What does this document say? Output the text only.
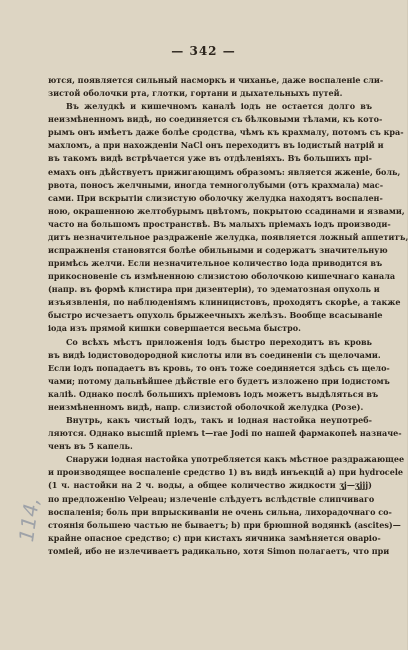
— 342 —
ются, появляется сильный насморкъ и чиханье, даже воспаленіе сли-
зистой оболочки рта, глотки, гортани и дыхательныхъ путей.
Въ желудкѣ и кишечномъ каналѣ іодъ не остается долго въ
неизмѣненномъ видѣ, но соединяется съ бѣлковыми тѣлами, къ кото-
рымъ онъ имѣетъ даже болѣе сродства, чѣмъ къ крахмалу, потомъ съ кра-
махломъ, а при нахожденіи NaCl онъ переходитъ въ іодистый натрій и
въ такомъ видѣ встрѣчается уже въ отдѣленіяхъ. Въ большихъ прі-
емахъ онъ дѣйствуетъ прижигающимъ образомъ: является жженіе, боль,
рвота, поносъ желчными, иногда темноголубыми (отъ крахмала) мас-
сами. При вскрытіи слизистую оболочку желудка находятъ воспален-
ною, окрашенною желтобурымъ цвѣтомъ, покрытою ссадинами и язвами,
часто на большомъ пространствѣ. Въ малыхъ пріемахъ іодъ производи-
дитъ незначительное раздраженіе желудка, появляется ложный аппетитъ,
испражненія становятся болѣе обильными и содержатъ значительную
примѣсь желчи. Если незначительное количество іода приводится въ
прикосновеніе съ измѣненною слизистою оболочкою кишечнаго канала
(напр. въ формѣ клистира при дизентеріи), то эдематозная опухоль и
изъязвленія, по наблюденіямъ клиницистовъ, проходятъ скорѣе, а также
быстро исчезаетъ опухоль брыжеечныхъ желѣзъ. Вообще всасываніе
іода изъ прямой кишки совершается весьма быстро.
Со всѣхъ мѣстъ приложенія іодъ быстро переходитъ въ кровь
въ видѣ іодистоводородной кислоты или въ соединеніи съ щелочами.
Если іодъ попадаетъ въ кровь, то онъ тоже соединяется здѣсь съ щело-
чами; потому дальнѣйшее дѣйствіе его будетъ изложено при іодистомъ
каліѣ. Однако послѣ большихъ пріемовъ іодъ можетъ выдѣляться въ
неизмѣненномъ видѣ, напр. слизистой оболочкой желудка (Розе).
Внутрь, какъ чистый іодъ, такъ и іодная настойка неупотреб-
ляются. Однако высшій пріемъ t—rae Jodi по нашей фармакопеѣ назначе-
ченъ въ 5 капель.
Снаружи іодная настойка употребляется какъ мѣстное раздражающее
и производящее воспаленіе средство 1) въ видѣ инъекцій а) при hydrocele
(1 ч. настойки на 2 ч. воды, а общее количество жидкости ʒj—ʒjjj)
по предложенію Velpeau; излеченіе слѣдуетъ вслѣдствіе слипчиваго
воспаленія; боль при впрыскиваніи не очень сильна, лихорадочнаго со-
стоянія большею частью не бываетъ; b) при брюшной водянкѣ (ascites)—
крайне опасное средство; с) при кистахъ яичника замѣняется оваріо-
томіей, ибо не излечиваетъ радикально, хотя Simon полагаетъ, что при
114,
